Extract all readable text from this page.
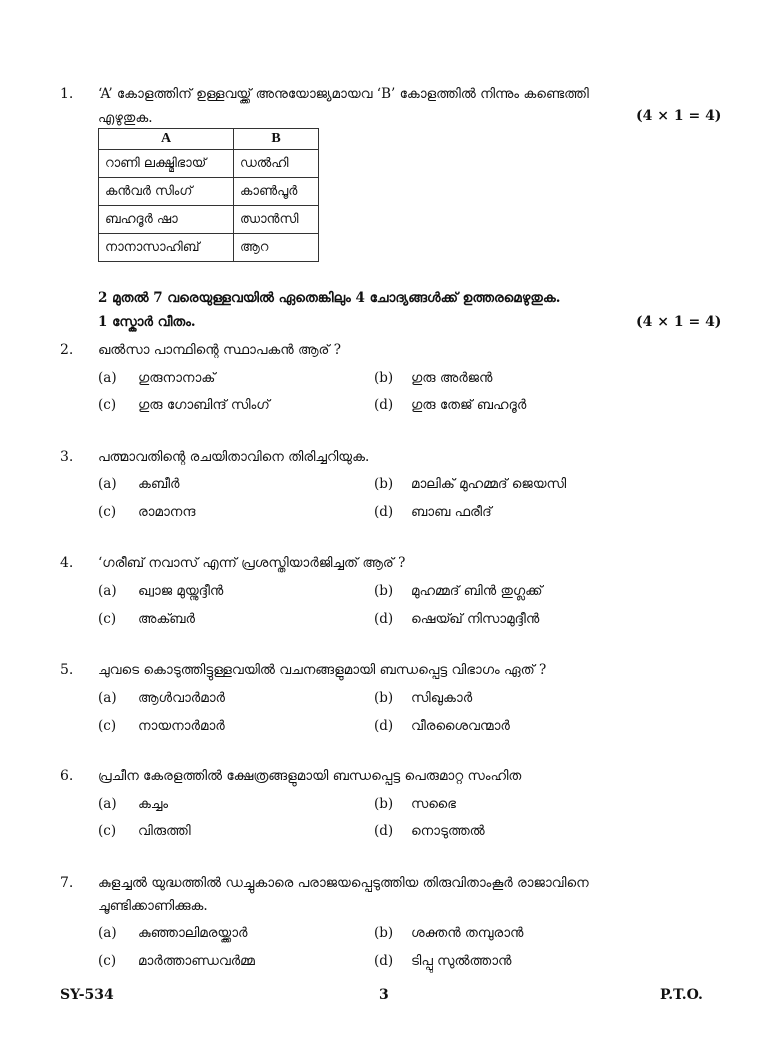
1. ‘A’ കോളത്തിന് ഉള്ളവയ്ക്ക് അനുയോജ്യമായവ ‘B’ കോളത്തിൽ നിന്നും കണ്ടെത്തി
എഴുതുക.	(4 × 1 = 4)
A	B
റാണി ലക്ഷ്മിഭായ്	ഡൽഹി
കൻവർ സിംഗ്	കാൺപൂർ
ബഹദൂർ ഷാ	ഝാൻസി
നാനാസാഹിബ്	ആറ
2 മുതൽ 7 വരെയുള്ളവയിൽ ഏതെങ്കിലും 4 ചോദ്യങ്ങൾക്ക് ഉത്തരമെഴുതുക.
1 സ്കോർ വീതം.	(4 × 1 = 4)
2. ഖൽസാ പാന്ഥിന്റെ സ്ഥാപകൻ ആര് ?
(a) ഗുരുനാനാക്	(b) ഗുരു അർജൻ
(c) ഗുരു ഗോബിന്ദ് സിംഗ്	(d) ഗുരു തേജ് ബഹദൂർ
3. പത്മാവതിന്റെ രചയിതാവിനെ തിരിച്ചറിയുക.
(a) കബീർ	(b) മാലിക് മുഹമ്മദ് ജെയസി
(c) രാമാനന്ദ	(d) ബാബ ഫരീദ്
4. ‘ഗരീബ് നവാസ് എന്ന് പ്രശസ്തിയാർജിച്ചത് ആര് ?
(a) ഖ്വാജ മുയ്നുദ്ദീൻ	(b) മുഹമ്മദ് ബിൻ തുഗ്ലക്ക്
(c) അക്ബർ	(d) ഷെയ്ഖ് നിസാമുദ്ദീൻ
5. ചുവടെ കൊടുത്തിട്ടുള്ളവയിൽ വചനങ്ങളുമായി ബന്ധപ്പെട്ട വിഭാഗം ഏത് ?
(a) ആൾവാർമാർ	(b) സിഖുകാർ
(c) നായനാർമാർ	(d) വീരശൈവന്മാർ
6. പ്രചീന കേരളത്തിൽ ക്ഷേത്രങ്ങളുമായി ബന്ധപ്പെട്ട പെരുമാറ്റ സംഹിത
(a) കച്ചം	(b) സഭൈ
(c) വിരുത്തി	(d) നൊടുത്തൽ
7. കുളച്ചൽ യുദ്ധത്തിൽ ഡച്ചുകാരെ പരാജയപ്പെടുത്തിയ തിരുവിതാംകൂർ രാജാവിനെ
ചൂണ്ടിക്കാണിക്കുക.
(a) കുഞ്ഞാലിമരയ്ക്കാർ	(b) ശക്തൻ തമ്പുരാൻ
(c) മാർത്താണ്ഡവർമ്മ	(d) ടിപ്പു സുൽത്താൻ
SY-534	3	P.T.O.
